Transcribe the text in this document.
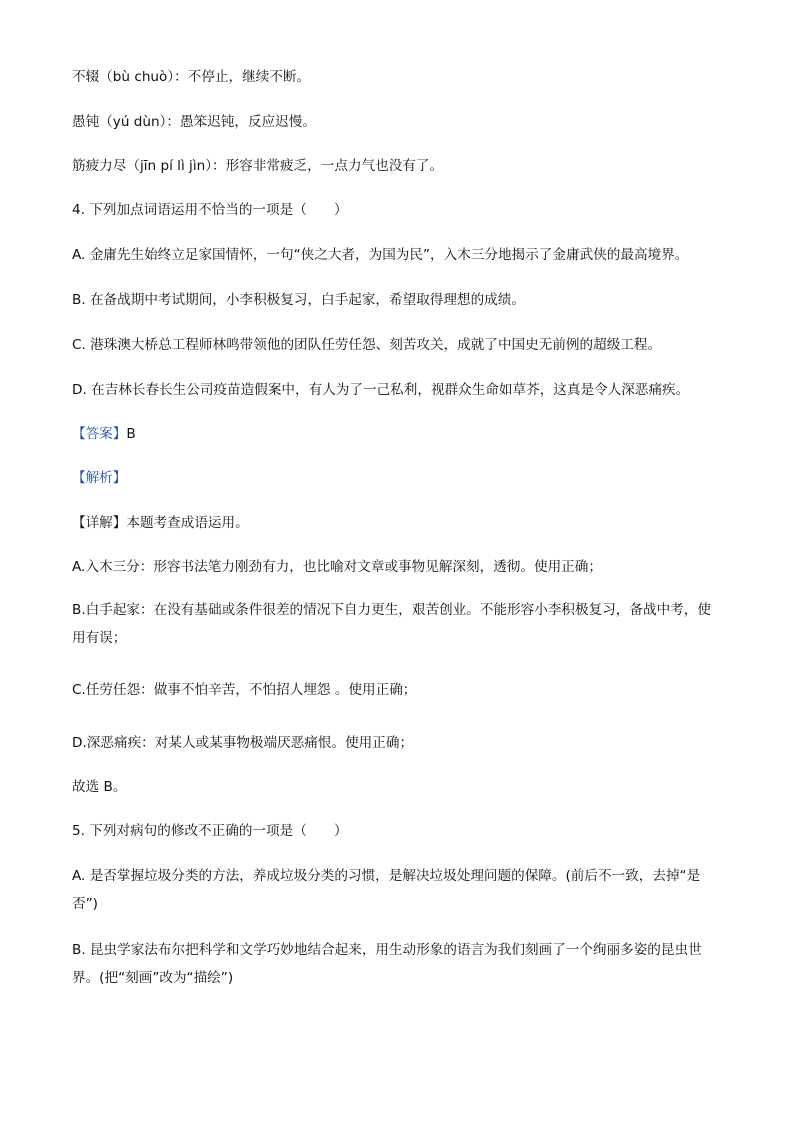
不辍（bù chuò）：不停止，继续不断。
愚钝（yú dùn）：愚笨迟钝，反应迟慢。
筋疲力尽（jīn pí lì jìn）：形容非常疲乏，一点力气也没有了。
4. 下列加点词语运用不恰当的一项是（　　）
A. 金庸先生始终立足家国情怀，一句“侠之大者，为国为民”，入木三分地揭示了金庸武侠的最高境界。
B. 在备战期中考试期间，小李积极复习，白手起家，希望取得理想的成绩。
C. 港珠澳大桥总工程师林鸣带领他的团队任劳任怨、刻苦攻关，成就了中国史无前例的超级工程。
D. 在吉林长春长生公司疫苗造假案中，有人为了一己私利，视群众生命如草芥，这真是令人深恶痛疾。
【答案】B
【解析】
【详解】本题考查成语运用。
A.入木三分：形容书法笔力刚劲有力，也比喻对文章或事物见解深刻，透彻。使用正确；
B.白手起家：在没有基础或条件很差的情况下自力更生，艰苦创业。不能形容小李积极复习，备战中考，使用有误；
C.任劳任怨：做事不怕辛苦，不怕招人埋怨 。使用正确；
D.深恶痛疾：对某人或某事物极端厌恶痛恨。使用正确；
故选 B。
5. 下列对病句的修改不正确的一项是（　　）
A. 是否掌握垃圾分类的方法，养成垃圾分类的习惯，是解决垃圾处理问题的保障。(前后不一致，去掉“是否”)
B. 昆虫学家法布尔把科学和文学巧妙地结合起来，用生动形象的语言为我们刻画了一个绚丽多姿的昆虫世界。(把“刻画”改为“描绘”)
